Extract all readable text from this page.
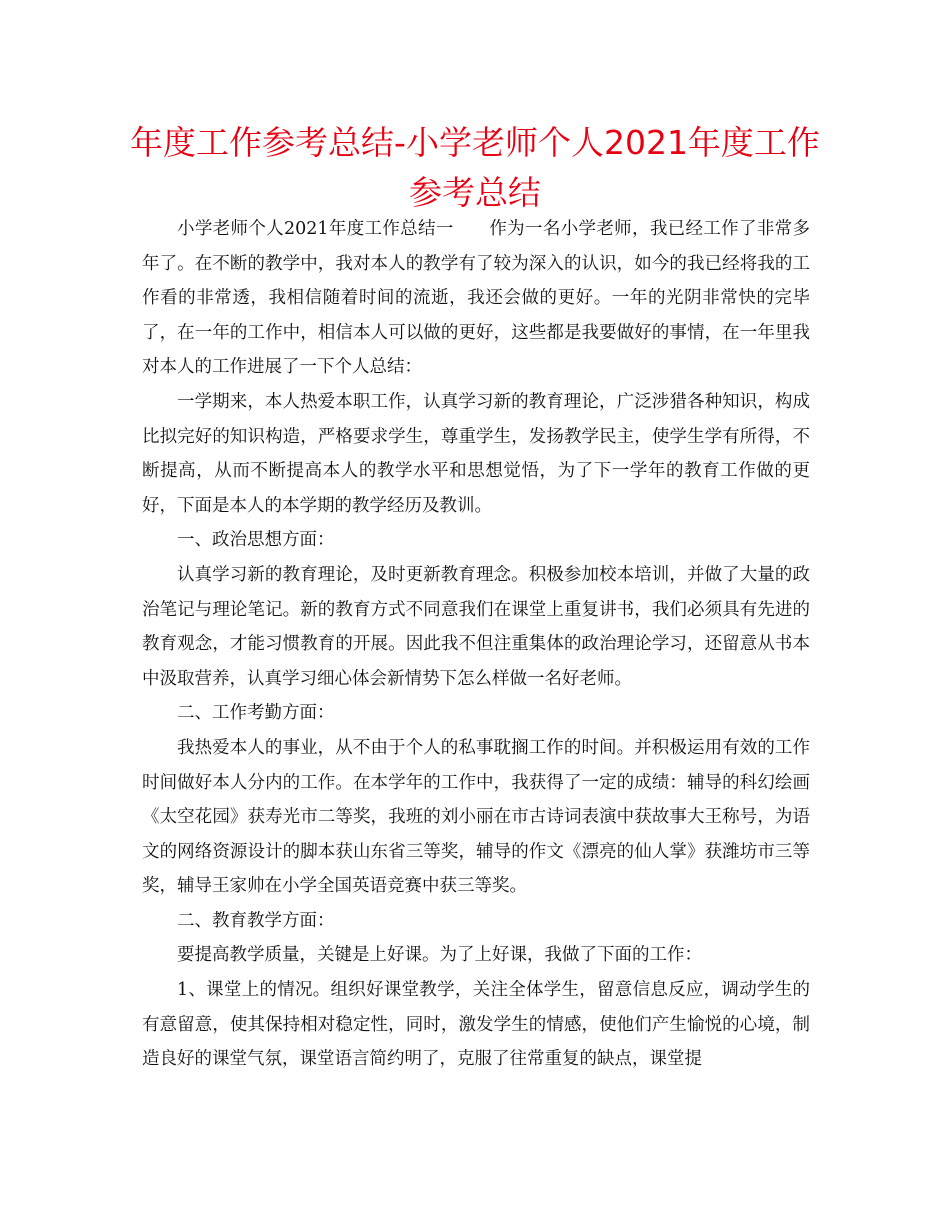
年度工作参考总结-小学老师个人2021年度工作参考总结

小学老师个人2021年度工作总结一　　作为一名小学老师，我已经工作了非常多年了。在不断的教学中，我对本人的教学有了较为深入的认识，如今的我已经将我的工作看的非常透，我相信随着时间的流逝，我还会做的更好。一年的光阴非常快的完毕了，在一年的工作中，相信本人可以做的更好，这些都是我要做好的事情，在一年里我对本人的工作进展了一下个人总结：

一学期来，本人热爱本职工作，认真学习新的教育理论，广泛涉猎各种知识，构成比拟完好的知识构造，严格要求学生，尊重学生，发扬教学民主，使学生学有所得，不断提高，从而不断提高本人的教学水平和思想觉悟，为了下一学年的教育工作做的更好，下面是本人的本学期的教学经历及教训。

一、政治思想方面：

认真学习新的教育理论，及时更新教育理念。积极参加校本培训，并做了大量的政治笔记与理论笔记。新的教育方式不同意我们在课堂上重复讲书，我们必须具有先进的教育观念，才能习惯教育的开展。因此我不但注重集体的政治理论学习，还留意从书本中汲取营养，认真学习细心体会新情势下怎么样做一名好老师。

二、工作考勤方面：

我热爱本人的事业，从不由于个人的私事耽搁工作的时间。并积极运用有效的工作时间做好本人分内的工作。在本学年的工作中，我获得了一定的成绩：辅导的科幻绘画《太空花园》获寿光市二等奖，我班的刘小丽在市古诗词表演中获故事大王称号，为语文的网络资源设计的脚本获山东省三等奖，辅导的作文《漂亮的仙人掌》获潍坊市三等奖，辅导王家帅在小学全国英语竞赛中获三等奖。

二、教育教学方面：

要提高教学质量，关键是上好课。为了上好课，我做了下面的工作：

1、课堂上的情况。组织好课堂教学，关注全体学生，留意信息反应，调动学生的有意留意，使其保持相对稳定性，同时，激发学生的情感，使他们产生愉悦的心境，制造良好的课堂气氛，课堂语言简约明了，克服了往常重复的缺点，课堂提
